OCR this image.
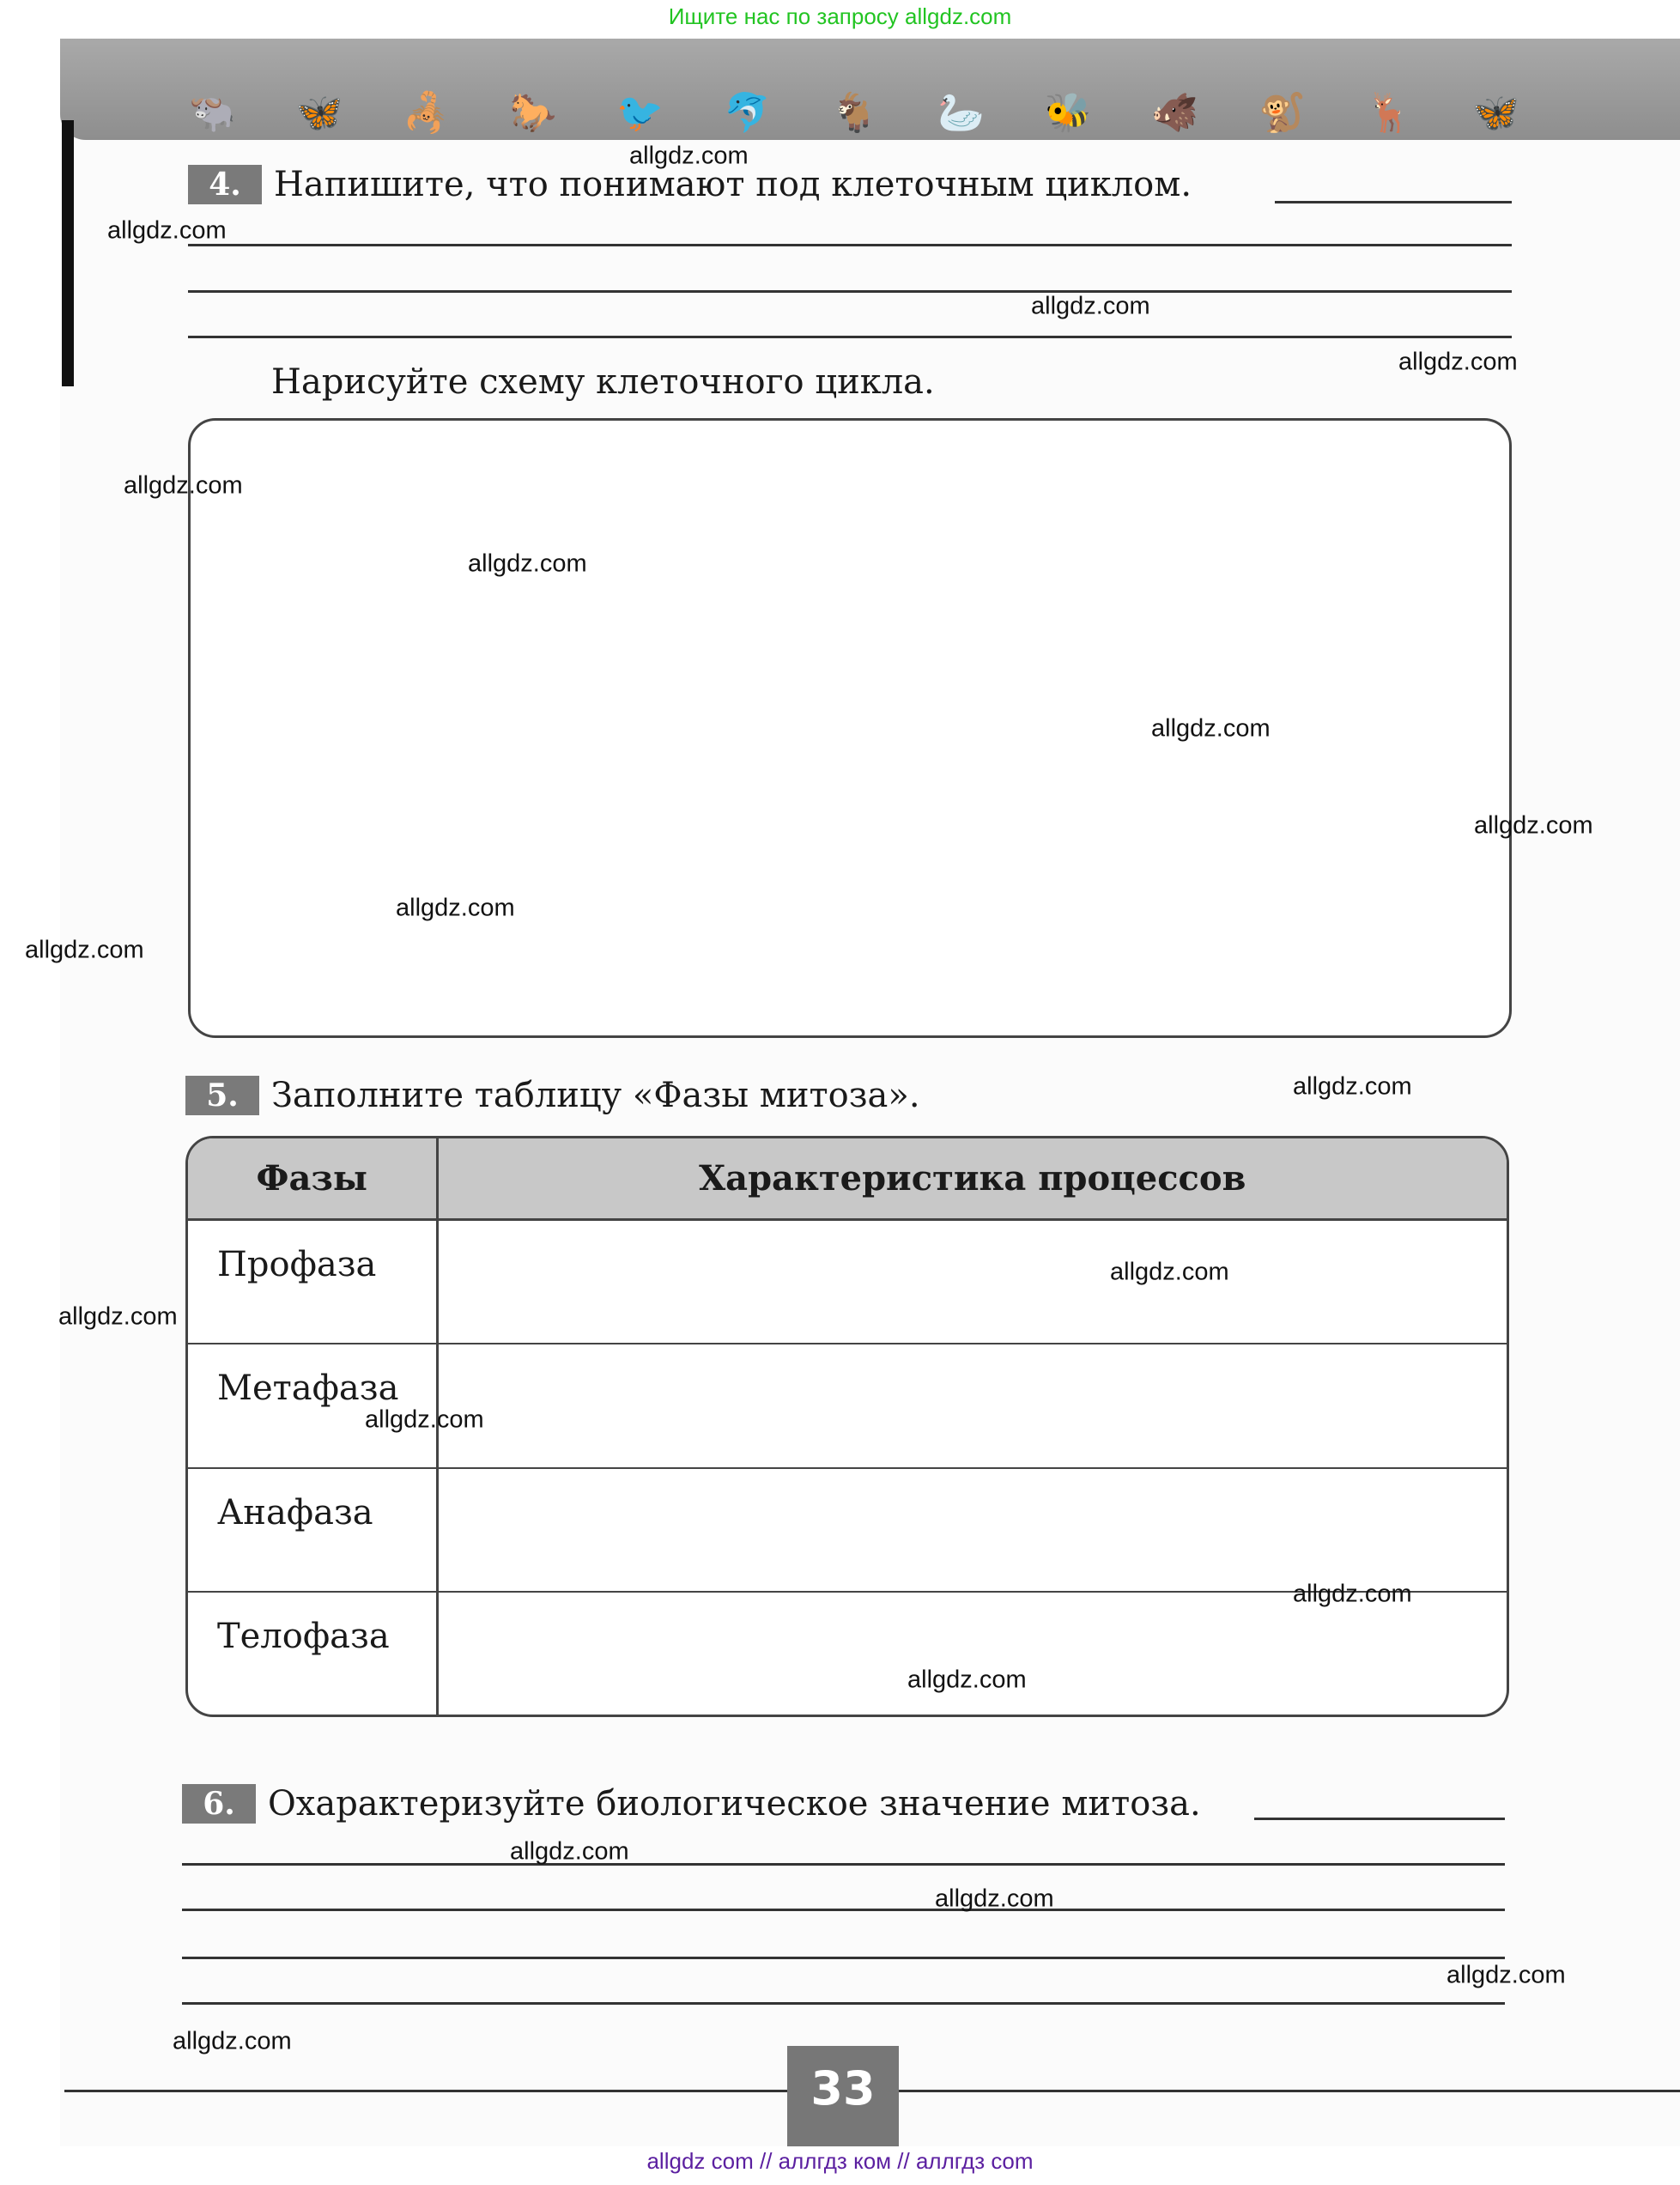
Ищите нас по запросу allgdz.com
🐃 🦋 🦂 🐎 🐦 🐬 🐐 🦢 🐝 🐗 🐒 🦌 🦋
4. Напишите, что понимают под клеточным циклом.
Нарисуйте схему клеточного цикла.
5. Заполните таблицу «Фазы митоза».
Фазы	Характеристика процессов
Профаза	
Метафаза	
Анафаза	
Телофаза	
6. Охарактеризуйте биологическое значение митоза.
33
allgdz.com
allgdz.com
allgdz.com
allgdz.com
allgdz.com
allgdz.com
allgdz.com
allgdz.com
allgdz.com
allgdz.com
allgdz.com
allgdz.com
allgdz.com
allgdz.com
allgdz.com
allgdz.com
allgdz.com
allgdz.com
allgdz.com
allgdz.com
allgdz com // аллгдз ком // аллгдз com
